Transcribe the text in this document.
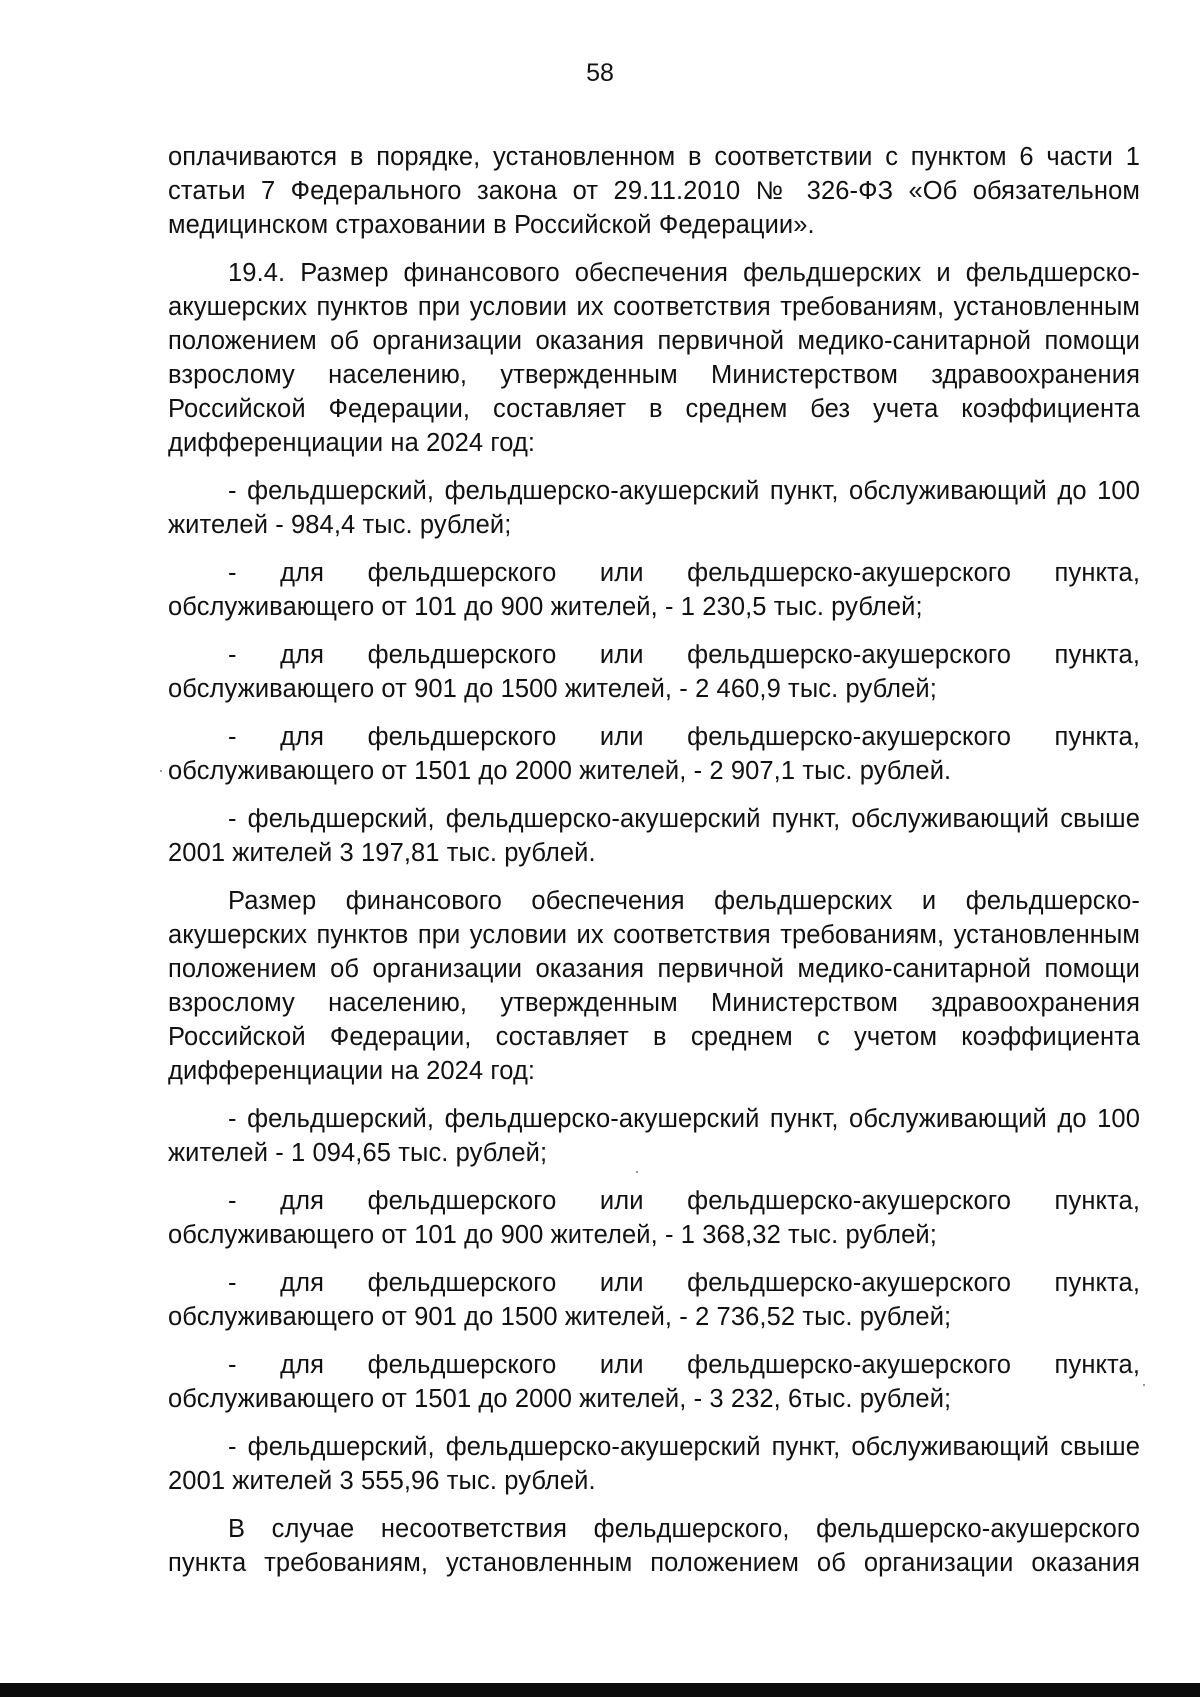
58

оплачиваются в порядке, установленном в соответствии с пунктом 6 части 1 статьи 7 Федерального закона от 29.11.2010 № 326-ФЗ «Об обязательном медицинском страховании в Российской Федерации».

19.4. Размер финансового обеспечения фельдшерских и фельдшерско-акушерских пунктов при условии их соответствия требованиям, установленным положением об организации оказания первичной медико-санитарной помощи взрослому населению, утвержденным Министерством здравоохранения Российской Федерации, составляет в среднем без учета коэффициента дифференциации на 2024 год:

- фельдшерский, фельдшерско-акушерский пункт, обслуживающий до 100 жителей - 984,4 тыс. рублей;

- для фельдшерского или фельдшерско-акушерского пункта, обслуживающего от 101 до 900 жителей, - 1 230,5 тыс. рублей;

- для фельдшерского или фельдшерско-акушерского пункта, обслуживающего от 901 до 1500 жителей, - 2 460,9 тыс. рублей;

- для фельдшерского или фельдшерско-акушерского пункта, обслуживающего от 1501 до 2000 жителей, - 2 907,1 тыс. рублей.

- фельдшерский, фельдшерско-акушерский пункт, обслуживающий свыше 2001 жителей 3 197,81 тыс. рублей.

Размер финансового обеспечения фельдшерских и фельдшерско-акушерских пунктов при условии их соответствия требованиям, установленным положением об организации оказания первичной медико-санитарной помощи взрослому населению, утвержденным Министерством здравоохранения Российской Федерации, составляет в среднем с учетом коэффициента дифференциации на 2024 год:

- фельдшерский, фельдшерско-акушерский пункт, обслуживающий до 100 жителей - 1 094,65 тыс. рублей;

- для фельдшерского или фельдшерско-акушерского пункта, обслуживающего от 101 до 900 жителей, - 1 368,32 тыс. рублей;

- для фельдшерского или фельдшерско-акушерского пункта, обслуживающего от 901 до 1500 жителей, - 2 736,52 тыс. рублей;

- для фельдшерского или фельдшерско-акушерского пункта, обслуживающего от 1501 до 2000 жителей, - 3 232, 6тыс. рублей;

- фельдшерский, фельдшерско-акушерский пункт, обслуживающий свыше 2001 жителей 3 555,96 тыс. рублей.

В случае несоответствия фельдшерского, фельдшерско-акушерского пункта требованиям, установленным положением об организации оказания
